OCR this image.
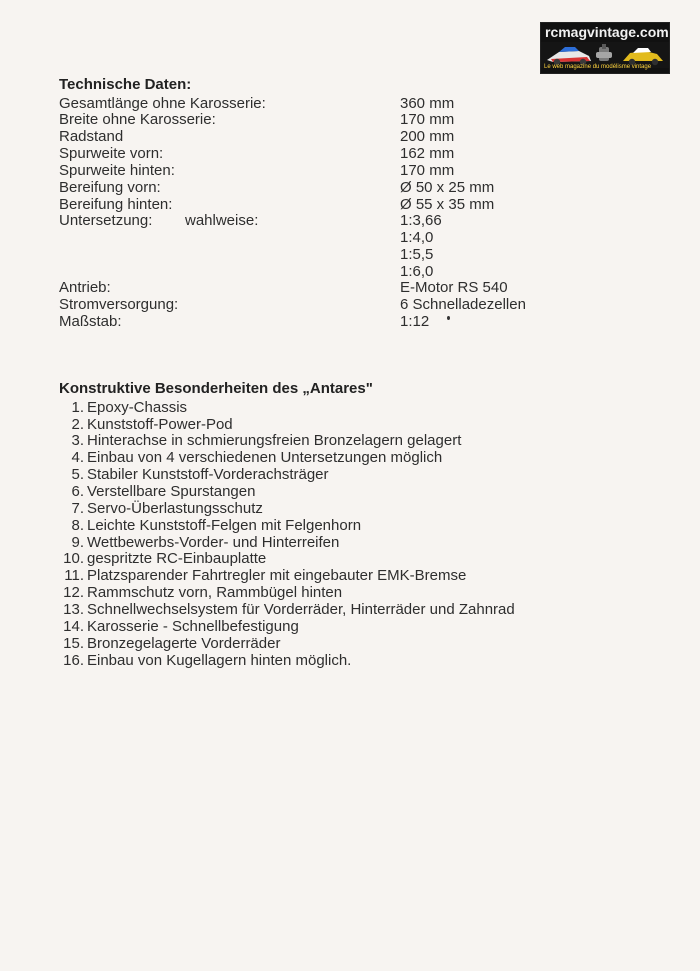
rcmagvintage.com
Le web magazine du modélisme vintage
Technische Daten:
Gesamtlänge ohne Karosserie:	360 mm
Breite ohne Karosserie:	170 mm
Radstand	200 mm
Spurweite vorn:	162 mm
Spurweite hinten:	170 mm
Bereifung vorn:	Ø 50 x 25 mm
Bereifung hinten:	Ø 55 x 35 mm
Untersetzung: wahlweise:	1:3,66
1:4,0
1:5,5
1:6,0
Antrieb:	E-Motor RS 540
Stromversorgung:	6 Schnelladezellen
Maßstab:	1:12
Konstruktive Besonderheiten des „Antares"
1. Epoxy-Chassis
2. Kunststoff-Power-Pod
3. Hinterachse in schmierungsfreien Bronzelagern gelagert
4. Einbau von 4 verschiedenen Untersetzungen möglich
5. Stabiler Kunststoff-Vorderachsträger
6. Verstellbare Spurstangen
7. Servo-Überlastungsschutz
8. Leichte Kunststoff-Felgen mit Felgenhorn
9. Wettbewerbs-Vorder- und Hinterreifen
10. gespritzte RC-Einbauplatte
11. Platzsparender Fahrtregler mit eingebauter EMK-Bremse
12. Rammschutz vorn, Rammbügel hinten
13. Schnellwechselsystem für Vorderräder, Hinterräder und Zahnrad
14. Karosserie - Schnellbefestigung
15. Bronzegelagerte Vorderräder
16. Einbau von Kugellagern hinten möglich.
